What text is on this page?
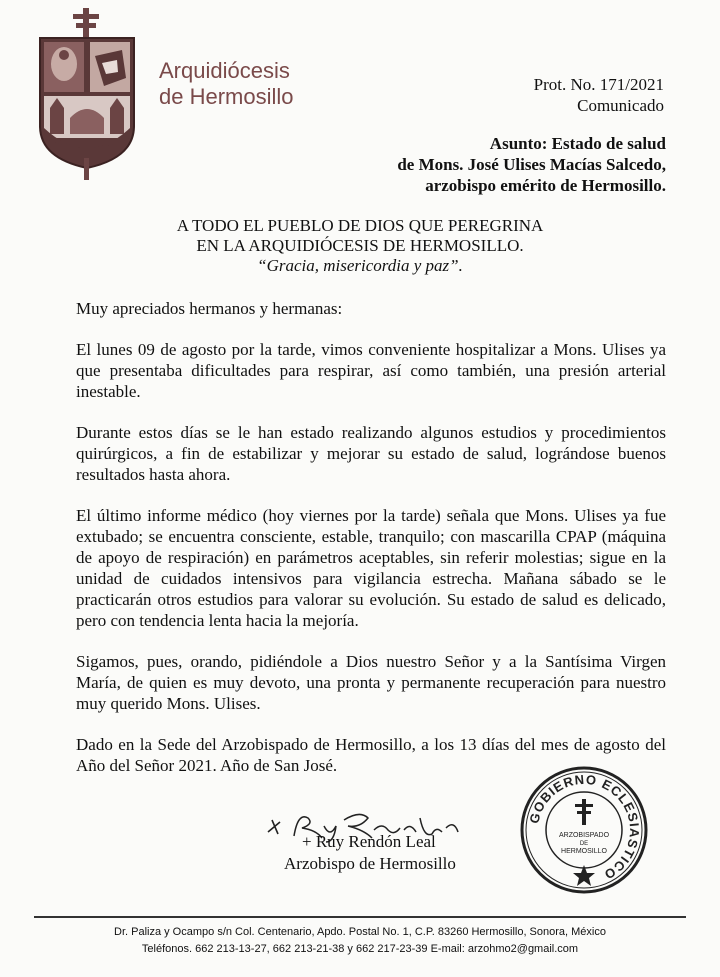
Arquidiócesis
de Hermosillo	Prot. No. 171/2021
Comunicado
Asunto: Estado de salud
de Mons. José Ulises Macías Salcedo,
arzobispo emérito de Hermosillo.
A TODO EL PUEBLO DE DIOS QUE PEREGRINA
EN LA ARQUIDIÓCESIS DE HERMOSILLO.
“Gracia, misericordia y paz”.

Muy apreciados hermanos y hermanas:

El lunes 09 de agosto por la tarde, vimos conveniente hospitalizar a Mons. Ulises ya que presentaba dificultades para respirar, así como también, una presión arterial inestable.

Durante estos días se le han estado realizando algunos estudios y procedimientos quirúrgicos, a fin de estabilizar y mejorar su estado de salud, lográndose buenos resultados hasta ahora.

El último informe médico (hoy viernes por la tarde) señala que Mons. Ulises ya fue extubado; se encuentra consciente, estable, tranquilo; con mascarilla CPAP (máquina de apoyo de respiración) en parámetros aceptables, sin referir molestias; sigue en la unidad de cuidados intensivos para vigilancia estrecha. Mañana sábado se le practicarán otros estudios para valorar su evolución. Su estado de salud es delicado, pero con tendencia lenta hacia la mejoría.

Sigamos, pues, orando, pidiéndole a Dios nuestro Señor y a la Santísima Virgen María, de quien es muy devoto, una pronta y permanente recuperación para nuestro muy querido Mons. Ulises.

Dado en la Sede del Arzobispado de Hermosillo, a los 13 días del mes de agosto del Año del Señor 2021. Año de San José.

+ Ruy Rendón Leal
Arzobispo de Hermosillo
GOBIERNO ECLESIASTICO
ARZOBISPADO
DE
HERMOSILLO
Dr. Paliza y Ocampo s/n Col. Centenario, Apdo. Postal No. 1, C.P. 83260 Hermosillo, Sonora, México
Teléfonos. 662 213-13-27, 662 213-21-38 y 662 217-23-39 E-mail: arzohmo2@gmail.com
